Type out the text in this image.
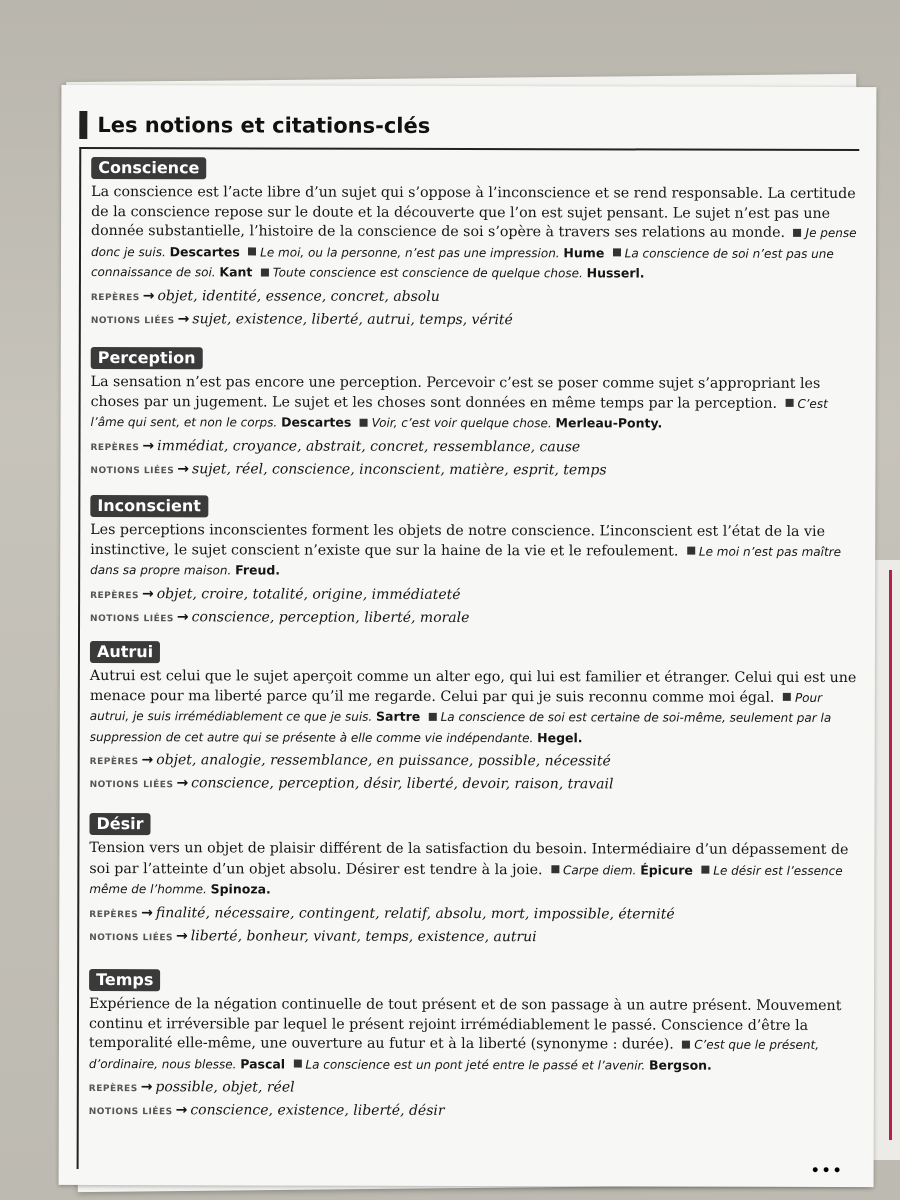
Les notions et citations-clés
Conscience

La conscience est l’acte libre d’un sujet qui s’oppose à l’inconscience et se rend responsable. La certitude de la conscience repose sur le doute et la découverte que l’on est sujet pensant. Le sujet n’est pas une donnée substantielle, l’histoire de la conscience de soi s’opère à travers ses relations au monde. Je pense donc je suis. Descartes Le moi, ou la personne, n’est pas une impression. Hume La conscience de soi n’est pas une connaissance de soi. Kant Toute conscience est conscience de quelque chose. Husserl.

REPÈRES → objet, identité, essence, concret, absolu

NOTIONS LIÉES → sujet, existence, liberté, autrui, temps, vérité

Perception

La sensation n’est pas encore une perception. Percevoir c’est se poser comme sujet s’appropriant les choses par un jugement. Le sujet et les choses sont données en même temps par la perception. C’est l’âme qui sent, et non le corps. Descartes Voir, c’est voir quelque chose. Merleau-Ponty.

REPÈRES → immédiat, croyance, abstrait, concret, ressemblance, cause

NOTIONS LIÉES → sujet, réel, conscience, inconscient, matière, esprit, temps

Inconscient

Les perceptions inconscientes forment les objets de notre conscience. L’inconscient est l’état de la vie instinctive, le sujet conscient n’existe que sur la haine de la vie et le refoulement. Le moi n’est pas maître dans sa propre maison. Freud.

REPÈRES → objet, croire, totalité, origine, immédiateté

NOTIONS LIÉES → conscience, perception, liberté, morale

Autrui

Autrui est celui que le sujet aperçoit comme un alter ego, qui lui est familier et étranger. Celui qui est une menace pour ma liberté parce qu’il me regarde. Celui par qui je suis reconnu comme moi égal. Pour autrui, je suis irrémédiablement ce que je suis. Sartre La conscience de soi est certaine de soi-même, seulement par la suppression de cet autre qui se présente à elle comme vie indépendante. Hegel.

REPÈRES → objet, analogie, ressemblance, en puissance, possible, nécessité

NOTIONS LIÉES → conscience, perception, désir, liberté, devoir, raison, travail

Désir

Tension vers un objet de plaisir différent de la satisfaction du besoin. Intermédiaire d’un dépassement de soi par l’atteinte d’un objet absolu. Désirer est tendre à la joie. Carpe diem. Épicure Le désir est l’essence même de l’homme. Spinoza.

REPÈRES → finalité, nécessaire, contingent, relatif, absolu, mort, impossible, éternité

NOTIONS LIÉES → liberté, bonheur, vivant, temps, existence, autrui

Temps

Expérience de la négation continuelle de tout présent et de son passage à un autre présent. Mouvement continu et irréversible par lequel le présent rejoint irrémédiablement le passé. Conscience d’être la temporalité elle-même, une ouverture au futur et à la liberté (synonyme : durée). C’est que le présent, d’ordinaire, nous blesse. Pascal La conscience est un pont jeté entre le passé et l’avenir. Bergson.

REPÈRES → possible, objet, réel

NOTIONS LIÉES → conscience, existence, liberté, désir

•••
